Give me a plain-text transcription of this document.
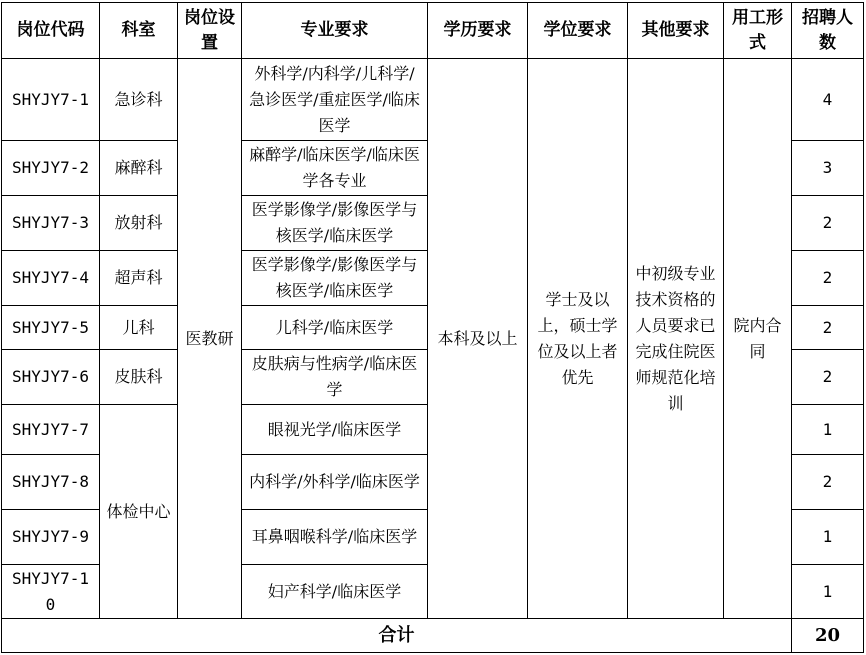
岗位代码	科室	岗位设置	专业要求	学历要求	学位要求	其他要求	用工形式	招聘人数
SHYJY7-1	急诊科	医教研	外科学/内科学/儿科学/急诊医学/重症医学/临床医学	本科及以上	学士及以上，硕士学位及以上者优先	中初级专业技术资格的人员要求已完成住院医师规范化培训	院内合同	4
SHYJY7-2	麻醉科		麻醉学/临床医学/临床医学各专业					3
SHYJY7-3	放射科		医学影像学/影像医学与核医学/临床医学					2
SHYJY7-4	超声科		医学影像学/影像医学与核医学/临床医学					2
SHYJY7-5	儿科		儿科学/临床医学					2
SHYJY7-6	皮肤科		皮肤病与性病学/临床医学					2
SHYJY7-7	体检中心		眼视光学/临床医学					1
SHYJY7-8			内科学/外科学/临床医学					2
SHYJY7-9			耳鼻咽喉科学/临床医学					1
SHYJY7-10			妇产科学/临床医学					1
合计								20
